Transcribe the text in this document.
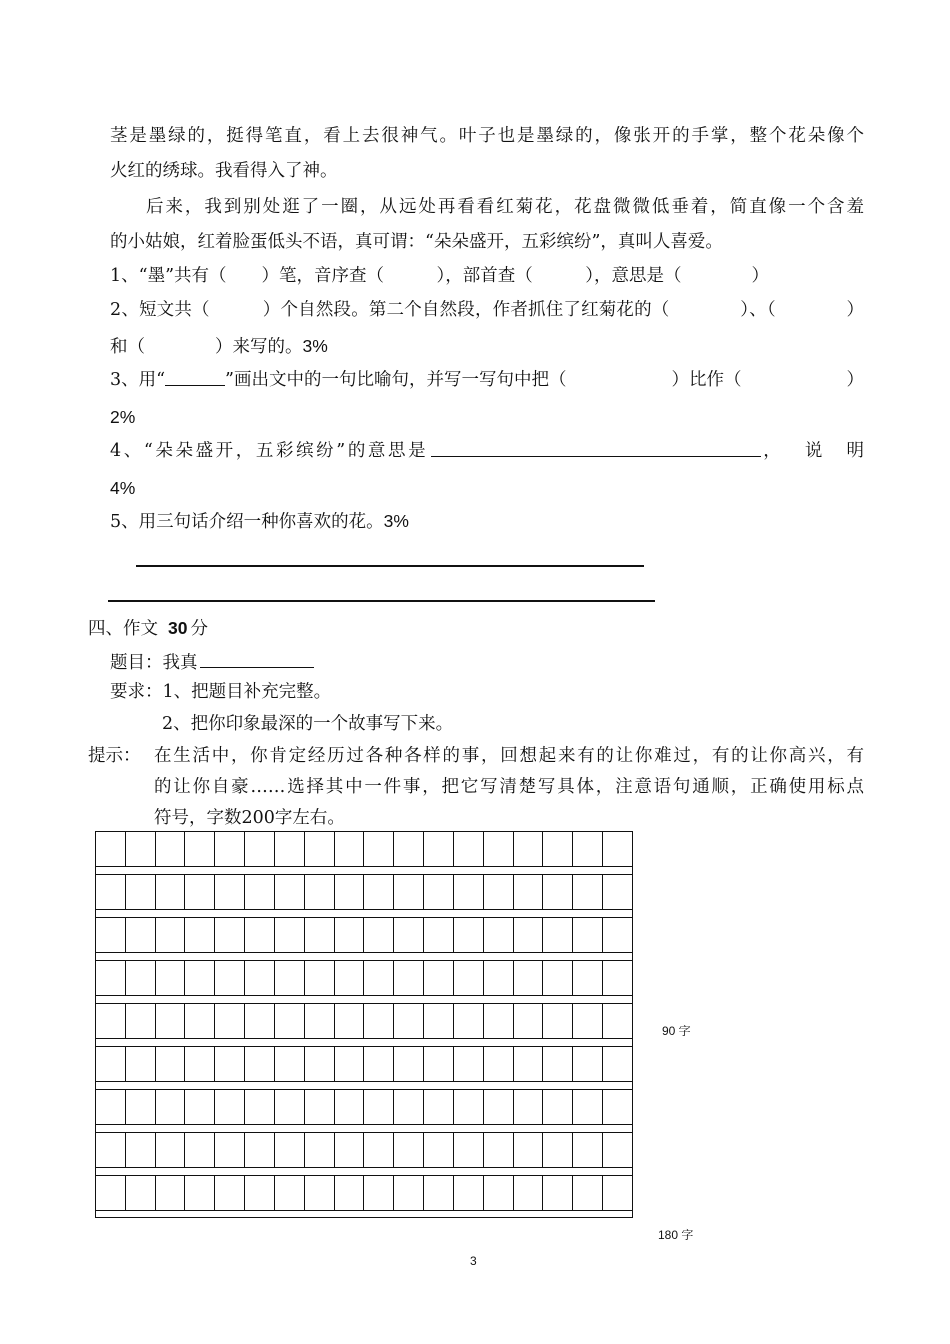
茎是墨绿的，挺得笔直，看上去很神气。叶子也是墨绿的，像张开的手掌，整个花朵像个
火红的绣球。我看得入了神。
后来，我到别处逛了一圈，从远处再看看红菊花，花盘微微低垂着，简直像一个含羞
的小姑娘，红着脸蛋低头不语，真可谓：“朵朵盛开，五彩缤纷”，真叫人喜爱。
1、“墨”共有（　　）笔，音序查（　　　），部首查（　　　），意思是（　　　　）
2、短文共（　　　）个自然段。第二个自然段，作者抓住了红菊花的（　　　　）、（　　　　）
和（　　　　）来写的。3%
3、用“	”画出文中的一句比喻句，并写一写句中把（　　　　　　）比作（　　　　　　）
2%
4、“朵朵盛开，五彩缤纷”的意思是	，说明
4%
5、用三句话介绍一种你喜欢的花。3%
四、作文 30 分
题目：我真
要求：1、把题目补充完整。
2、把你印象最深的一个故事写下来。
提示： 在生活中，你肯定经历过各种各样的事，回想起来有的让你难过，有的让你高兴，有
的让你自豪……选择其中一件事，把它写清楚写具体，注意语句通顺，正确使用标点
符号，字数200字左右。
90 字
180 字
3
